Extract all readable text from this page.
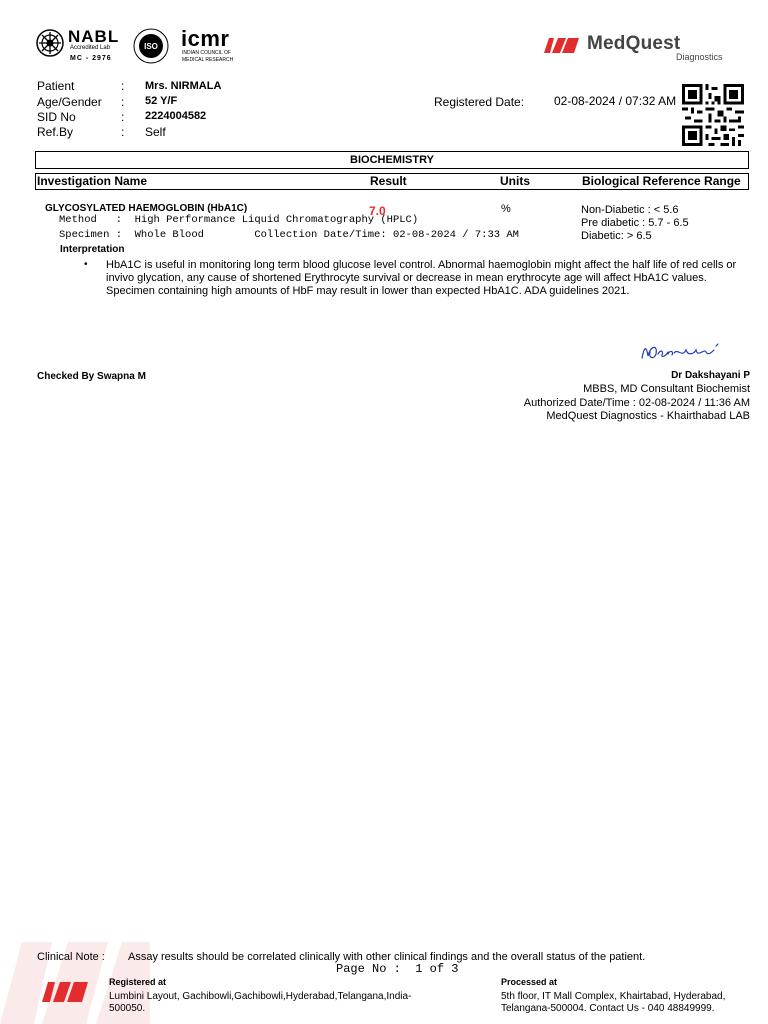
NABL
Accredited Lab
MC - 2976
ISO icmr
INDIAN COUNCIL OF
MEDICAL RESEARCH
MedQuest
Diagnostics
Patient	: Mrs. NIRMALA
Age/Gender : 52 Y/F
SID No	: 2224004582
Ref.By	: Self
Registered Date: 02-08-2024 / 07:32 AM
BIOCHEMISTRY
Investigation Name	Result	Units	Biological Reference Range
GLYCOSYLATED HAEMOGLOBIN (HbA1C)	7.0	%	Non-Diabetic : < 5.6
Pre diabetic : 5.7 - 6.5
Diabetic: > 6.5
Method   :  High Performance Liquid Chromatography (HPLC)
Specimen :  Whole Blood        Collection Date/Time: 02-08-2024 / 7:33 AM
Interpretation
• HbA1C is useful in monitoring long term blood glucose level control. Abnormal haemoglobin might affect the half life of red cells or invivo glycation, any cause of shortened Erythrocyte survival or decrease in mean erythrocyte age will affect HbA1C values. Specimen containing high amounts of HbF may result in lower than expected HbA1C. ADA guidelines 2021.
Checked By Swapna M	Dr Dakshayani P
MBBS, MD Consultant Biochemist
Authorized Date/Time : 02-08-2024 / 11:36 AM
MedQuest Diagnostics - Khairthabad LAB
Clinical Note : Assay results should be correlated clinically with other clinical findings and the overall status of the patient.
Page No :  1 of 3
Registered at
Lumbini Layout, Gachibowli,Gachibowli,Hyderabad,Telangana,India-
500050.
Processed at
5th floor, IT Mall Complex, Khairtabad, Hyderabad,
Telangana-500004. Contact Us - 040 48849999.
